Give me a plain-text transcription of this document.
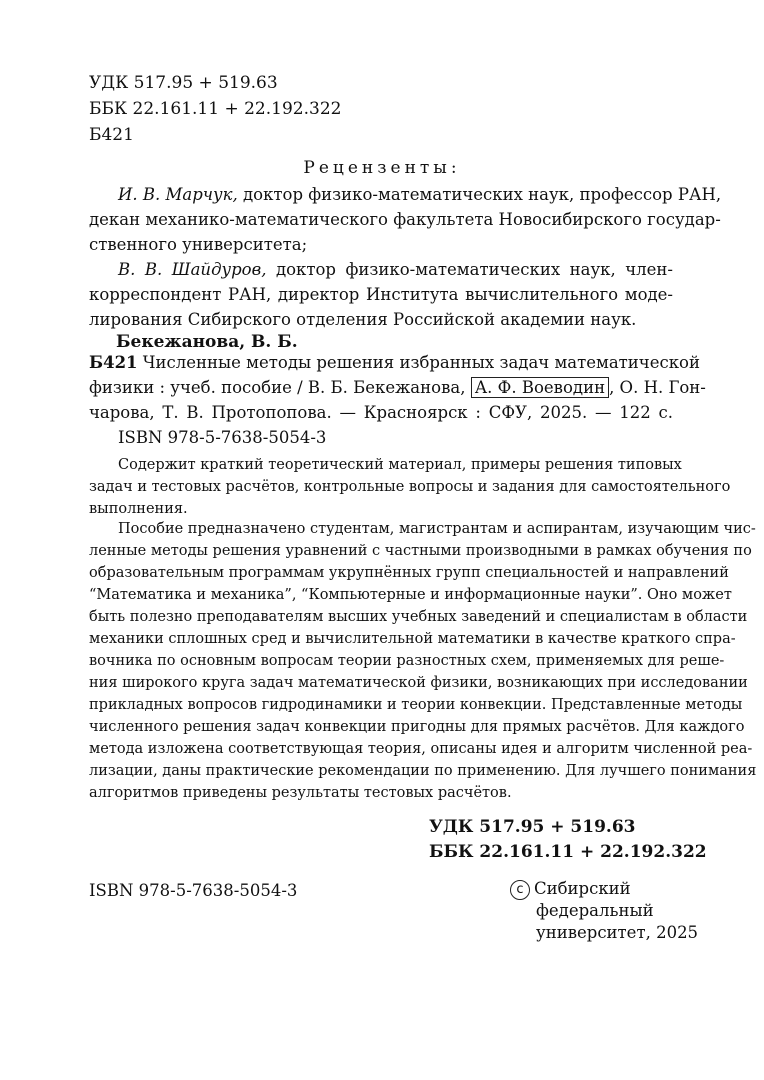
УДК 517.95 + 519.63
ББК 22.161.11 + 22.192.322
Б421
Рецензенты:
И. В. Марчук, доктор физико-математических наук, профессор РАН,
декан механико-математического факультета Новосибирского государ-
ственного университета;
В. В. Шайдуров, доктор физико-математических наук, член-
корреспондент РАН, директор Института вычислительного моде-
лирования Сибирского отделения Российской академии наук.
Бекежанова, В. Б.
Б421 Численные методы решения избранных задач математической
физики : учеб. пособие / В. Б. Бекежанова, А. Ф. Воеводин , О. Н. Гон-
чарова, Т. В. Протопопова. — Красноярск : СФУ, 2025. — 122 с.
ISBN 978-5-7638-5054-3
Содержит краткий теоретический материал, примеры решения типовых
задач и тестовых расчётов, контрольные вопросы и задания для самостоятельного
выполнения.
Пособие предназначено студентам, магистрантам и аспирантам, изучающим чис-
ленные методы решения уравнений с частными производными в рамках обучения по
образовательным программам укрупнённых групп специальностей и направлений
“Математика и механика”, “Компьютерные и информационные науки”. Оно может
быть полезно преподавателям высших учебных заведений и специалистам в области
механики сплошных сред и вычислительной математики в качестве краткого спра-
вочника по основным вопросам теории разностных схем, применяемых для реше-
ния широкого круга задач математической физики, возникающих при исследовании
прикладных вопросов гидродинамики и теории конвекции. Представленные методы
численного решения задач конвекции пригодны для прямых расчётов. Для каждого
метода изложена соответствующая теория, описаны идея и алгоритм численной реа-
лизации, даны практические рекомендации по применению. Для лучшего понимания
алгоритмов приведены результаты тестовых расчётов.
УДК 517.95 + 519.63
ББК 22.161.11 + 22.192.322
ISBN 978-5-7638-5054-3	c Сибирский
федеральный
университет, 2025
